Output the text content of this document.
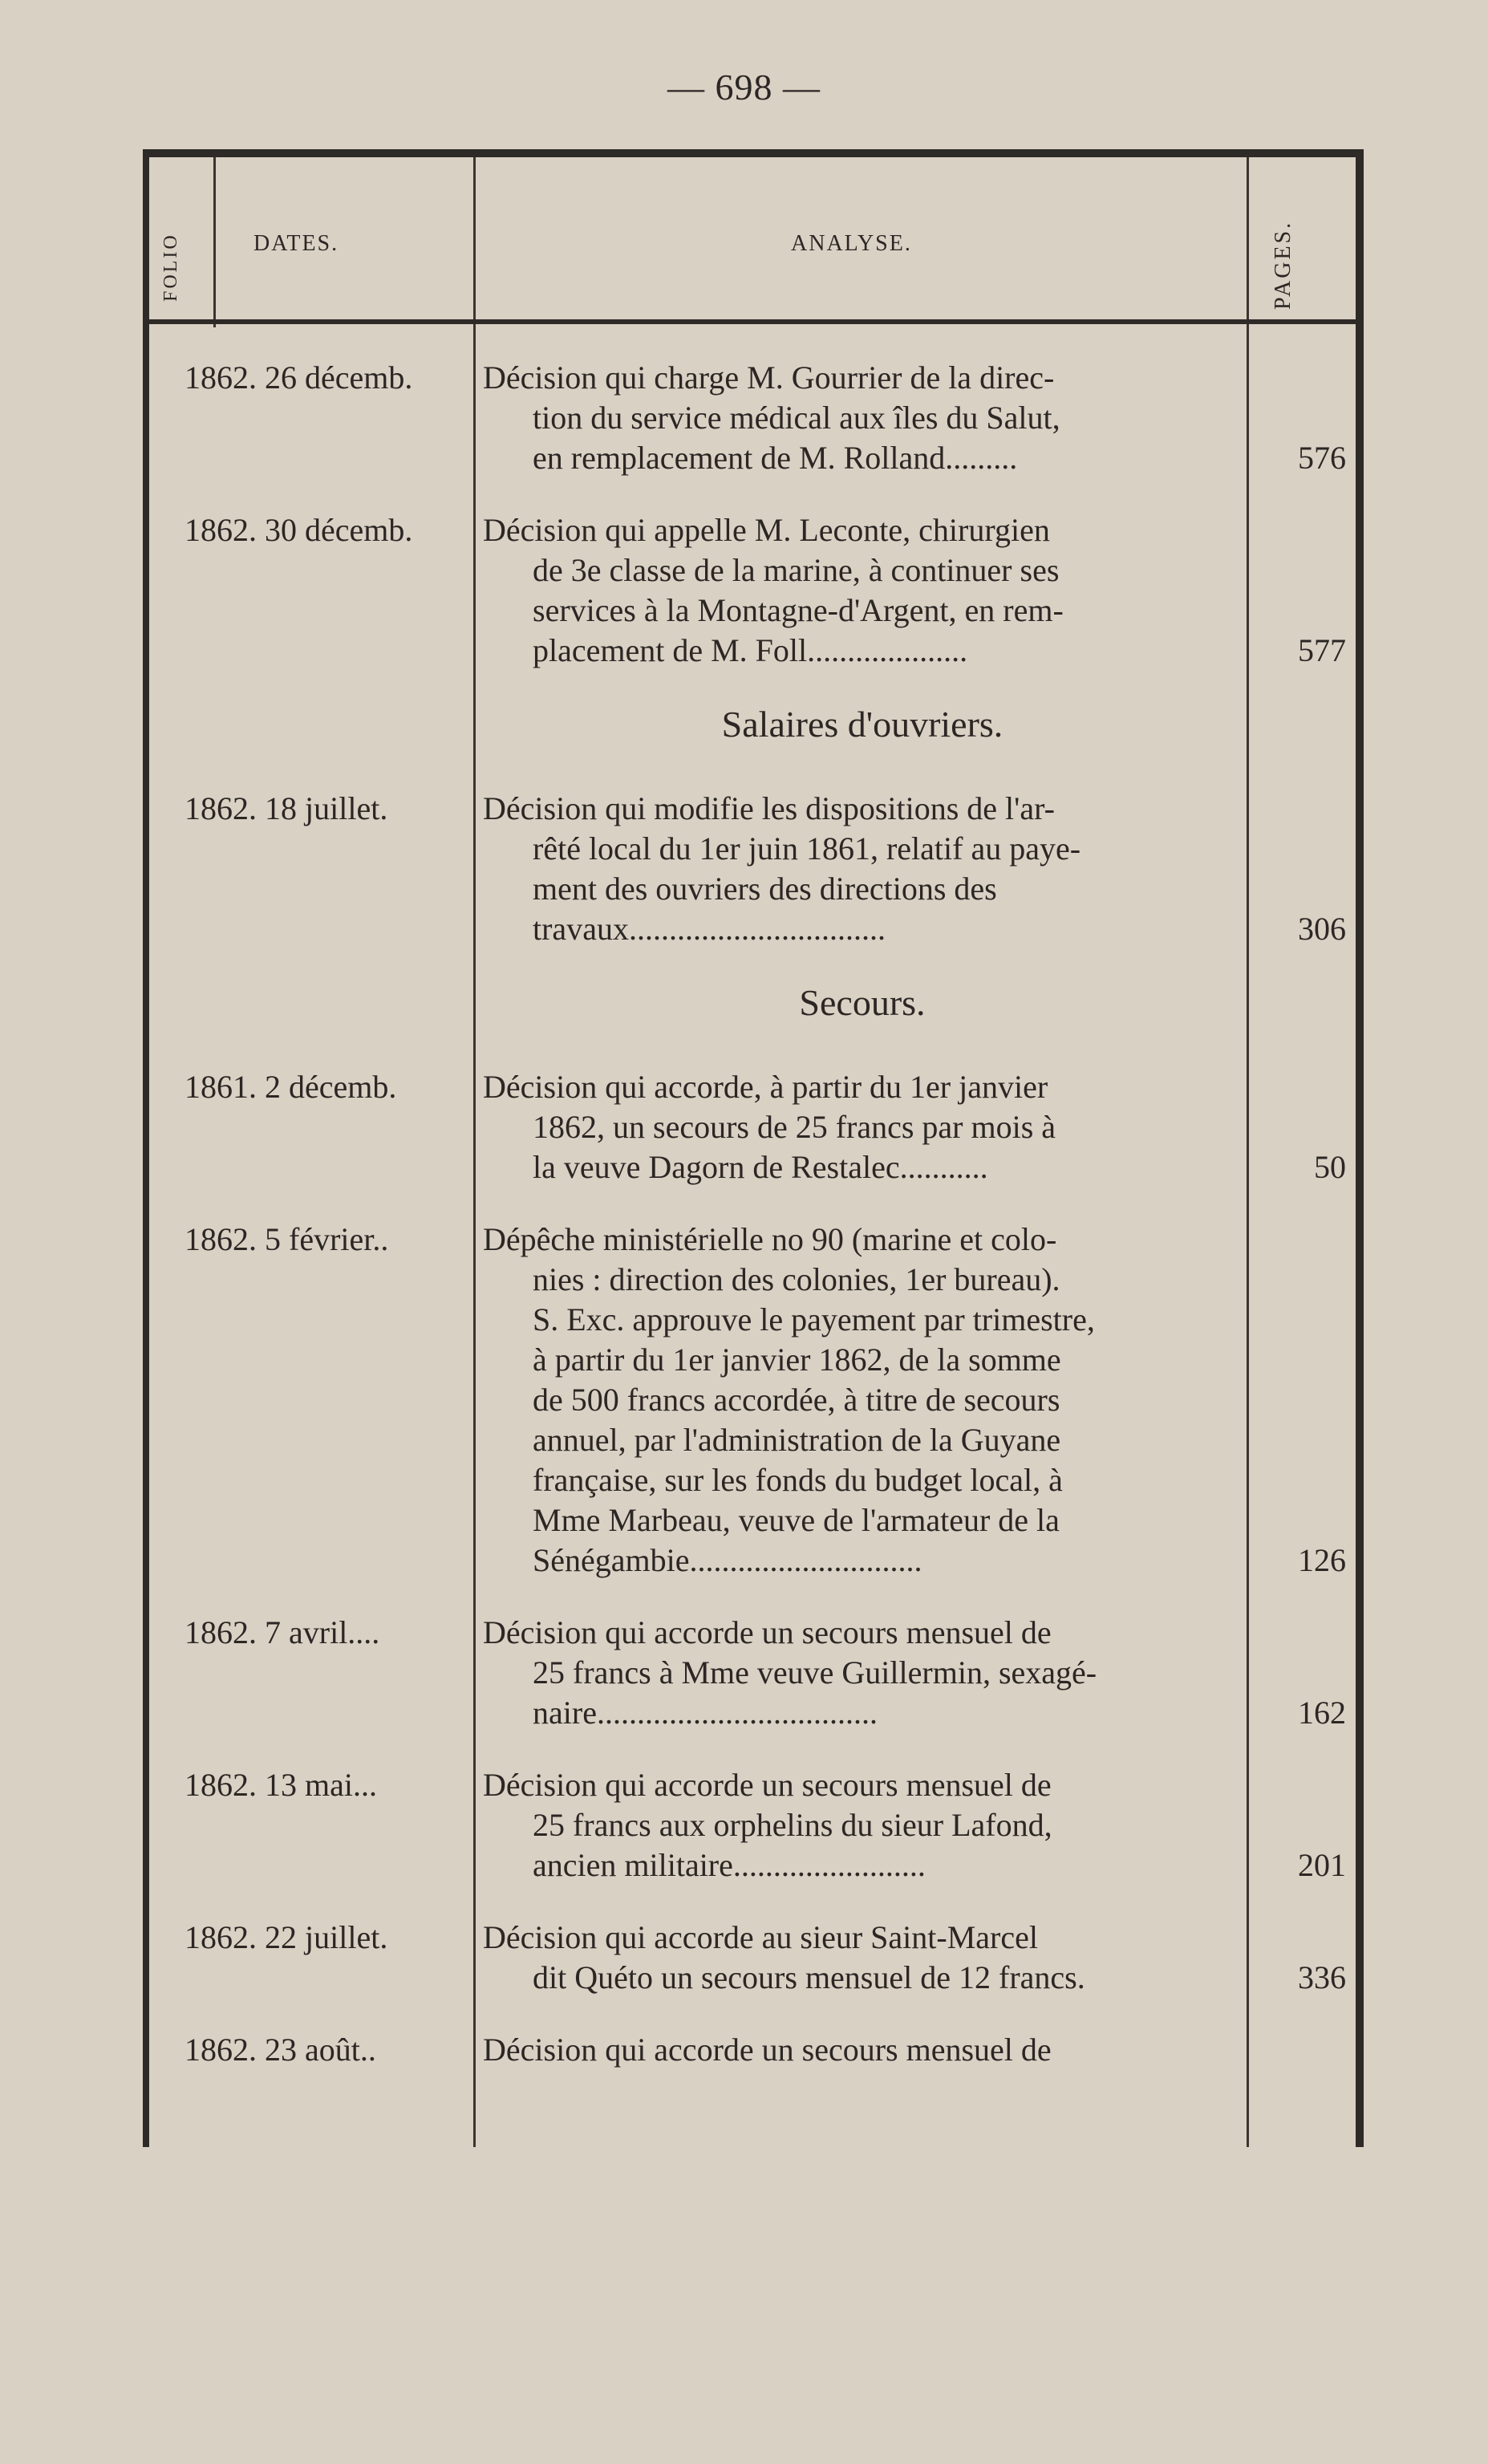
— 698 —
FOLIO	DATES.	ANALYSE.	PAGES.
1862. 26 décemb.	Décision qui charge M. Gourrier de la direc-
tion du service médical aux îles du Salut,
en remplacement de M. Rolland.........	576
1862. 30 décemb.	Décision qui appelle M. Leconte, chirurgien
de 3e classe de la marine, à continuer ses
services à la Montagne-d'Argent, en rem-
placement de M. Foll....................	577
Salaires d'ouvriers.
1862. 18 juillet.	Décision qui modifie les dispositions de l'ar-
rêté local du 1er juin 1861, relatif au paye-
ment des ouvriers des directions des
travaux................................	306
Secours.
1861. 2 décemb.	Décision qui accorde, à partir du 1er janvier
1862, un secours de 25 francs par mois à
la veuve Dagorn de Restalec...........	50
1862. 5 février..	Dépêche ministérielle no 90 (marine et colo-
nies : direction des colonies, 1er bureau).
S. Exc. approuve le payement par trimestre,
à partir du 1er janvier 1862, de la somme
de 500 francs accordée, à titre de secours
annuel, par l'administration de la Guyane
française, sur les fonds du budget local, à
Mme Marbeau, veuve de l'armateur de la
Sénégambie.............................	126
1862. 7 avril....	Décision qui accorde un secours mensuel de
25 francs à Mme veuve Guillermin, sexagé-
naire...................................	162
1862. 13 mai...	Décision qui accorde un secours mensuel de
25 francs aux orphelins du sieur Lafond,
ancien militaire........................	201
1862. 22 juillet.	Décision qui accorde au sieur Saint-Marcel
dit Quéto un secours mensuel de 12 francs.	336
1862. 23 août..	Décision qui accorde un secours mensuel de
